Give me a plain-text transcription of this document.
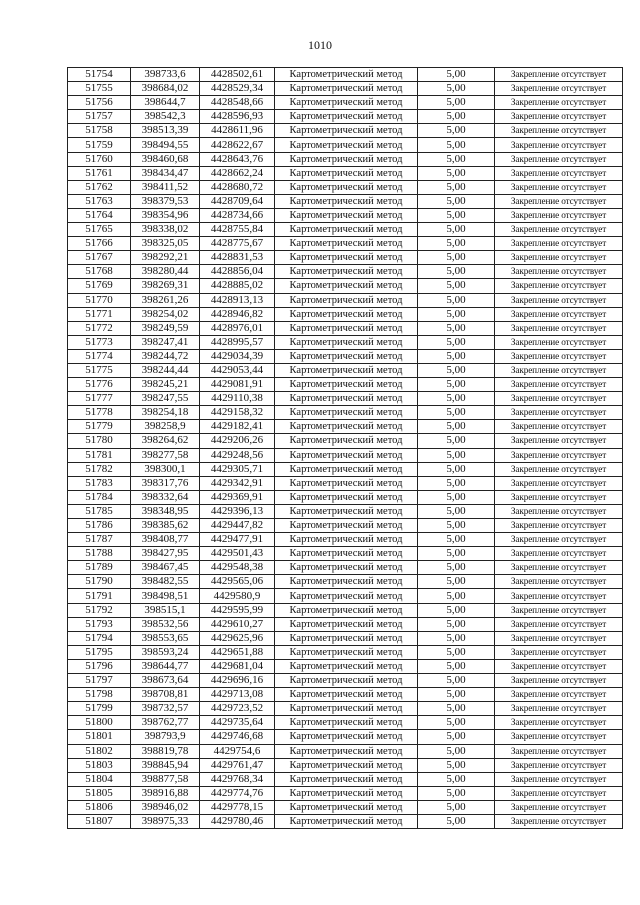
1010
51754	398733,6	4428502,61	Картометрический метод	5,00	Закрепление отсутствует
51755	398684,02	4428529,34	Картометрический метод	5,00	Закрепление отсутствует
51756	398644,7	4428548,66	Картометрический метод	5,00	Закрепление отсутствует
51757	398542,3	4428596,93	Картометрический метод	5,00	Закрепление отсутствует
51758	398513,39	4428611,96	Картометрический метод	5,00	Закрепление отсутствует
51759	398494,55	4428622,67	Картометрический метод	5,00	Закрепление отсутствует
51760	398460,68	4428643,76	Картометрический метод	5,00	Закрепление отсутствует
51761	398434,47	4428662,24	Картометрический метод	5,00	Закрепление отсутствует
51762	398411,52	4428680,72	Картометрический метод	5,00	Закрепление отсутствует
51763	398379,53	4428709,64	Картометрический метод	5,00	Закрепление отсутствует
51764	398354,96	4428734,66	Картометрический метод	5,00	Закрепление отсутствует
51765	398338,02	4428755,84	Картометрический метод	5,00	Закрепление отсутствует
51766	398325,05	4428775,67	Картометрический метод	5,00	Закрепление отсутствует
51767	398292,21	4428831,53	Картометрический метод	5,00	Закрепление отсутствует
51768	398280,44	4428856,04	Картометрический метод	5,00	Закрепление отсутствует
51769	398269,31	4428885,02	Картометрический метод	5,00	Закрепление отсутствует
51770	398261,26	4428913,13	Картометрический метод	5,00	Закрепление отсутствует
51771	398254,02	4428946,82	Картометрический метод	5,00	Закрепление отсутствует
51772	398249,59	4428976,01	Картометрический метод	5,00	Закрепление отсутствует
51773	398247,41	4428995,57	Картометрический метод	5,00	Закрепление отсутствует
51774	398244,72	4429034,39	Картометрический метод	5,00	Закрепление отсутствует
51775	398244,44	4429053,44	Картометрический метод	5,00	Закрепление отсутствует
51776	398245,21	4429081,91	Картометрический метод	5,00	Закрепление отсутствует
51777	398247,55	4429110,38	Картометрический метод	5,00	Закрепление отсутствует
51778	398254,18	4429158,32	Картометрический метод	5,00	Закрепление отсутствует
51779	398258,9	4429182,41	Картометрический метод	5,00	Закрепление отсутствует
51780	398264,62	4429206,26	Картометрический метод	5,00	Закрепление отсутствует
51781	398277,58	4429248,56	Картометрический метод	5,00	Закрепление отсутствует
51782	398300,1	4429305,71	Картометрический метод	5,00	Закрепление отсутствует
51783	398317,76	4429342,91	Картометрический метод	5,00	Закрепление отсутствует
51784	398332,64	4429369,91	Картометрический метод	5,00	Закрепление отсутствует
51785	398348,95	4429396,13	Картометрический метод	5,00	Закрепление отсутствует
51786	398385,62	4429447,82	Картометрический метод	5,00	Закрепление отсутствует
51787	398408,77	4429477,91	Картометрический метод	5,00	Закрепление отсутствует
51788	398427,95	4429501,43	Картометрический метод	5,00	Закрепление отсутствует
51789	398467,45	4429548,38	Картометрический метод	5,00	Закрепление отсутствует
51790	398482,55	4429565,06	Картометрический метод	5,00	Закрепление отсутствует
51791	398498,51	4429580,9	Картометрический метод	5,00	Закрепление отсутствует
51792	398515,1	4429595,99	Картометрический метод	5,00	Закрепление отсутствует
51793	398532,56	4429610,27	Картометрический метод	5,00	Закрепление отсутствует
51794	398553,65	4429625,96	Картометрический метод	5,00	Закрепление отсутствует
51795	398593,24	4429651,88	Картометрический метод	5,00	Закрепление отсутствует
51796	398644,77	4429681,04	Картометрический метод	5,00	Закрепление отсутствует
51797	398673,64	4429696,16	Картометрический метод	5,00	Закрепление отсутствует
51798	398708,81	4429713,08	Картометрический метод	5,00	Закрепление отсутствует
51799	398732,57	4429723,52	Картометрический метод	5,00	Закрепление отсутствует
51800	398762,77	4429735,64	Картометрический метод	5,00	Закрепление отсутствует
51801	398793,9	4429746,68	Картометрический метод	5,00	Закрепление отсутствует
51802	398819,78	4429754,6	Картометрический метод	5,00	Закрепление отсутствует
51803	398845,94	4429761,47	Картометрический метод	5,00	Закрепление отсутствует
51804	398877,58	4429768,34	Картометрический метод	5,00	Закрепление отсутствует
51805	398916,88	4429774,76	Картометрический метод	5,00	Закрепление отсутствует
51806	398946,02	4429778,15	Картометрический метод	5,00	Закрепление отсутствует
51807	398975,33	4429780,46	Картометрический метод	5,00	Закрепление отсутствует
